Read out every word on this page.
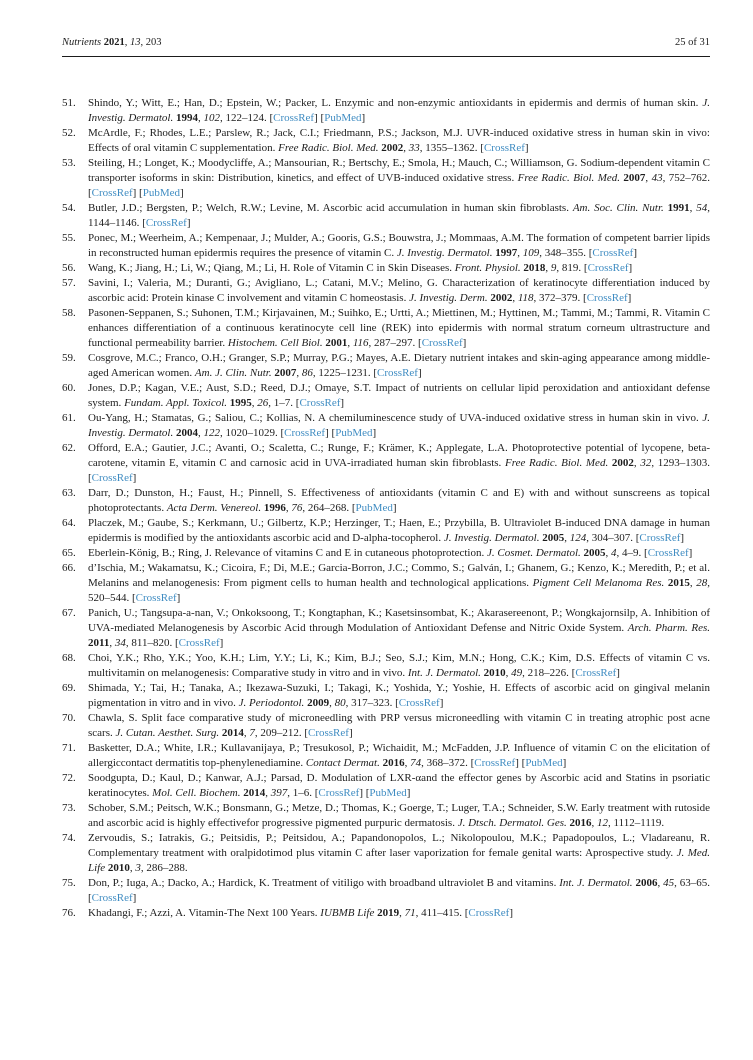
Nutrients 2021, 13, 203	25 of 31
51. Shindo, Y.; Witt, E.; Han, D.; Epstein, W.; Packer, L. Enzymic and non-enzymic antioxidants in epidermis and dermis of human skin. J. Investig. Dermatol. 1994, 102, 122–124. [CrossRef] [PubMed]
52. McArdle, F.; Rhodes, L.E.; Parslew, R.; Jack, C.I.; Friedmann, P.S.; Jackson, M.J. UVR-induced oxidative stress in human skin in vivo: Effects of oral vitamin C supplementation. Free Radic. Biol. Med. 2002, 33, 1355–1362. [CrossRef]
53. Steiling, H.; Longet, K.; Moodycliffe, A.; Mansourian, R.; Bertschy, E.; Smola, H.; Mauch, C.; Williamson, G. Sodium-dependent vitamin C transporter isoforms in skin: Distribution, kinetics, and effect of UVB-induced oxidative stress. Free Radic. Biol. Med. 2007, 43, 752–762. [CrossRef] [PubMed]
54. Butler, J.D.; Bergsten, P.; Welch, R.W.; Levine, M. Ascorbic acid accumulation in human skin fibroblasts. Am. Soc. Clin. Nutr. 1991, 54, 1144–1146. [CrossRef]
55. Ponec, M.; Weerheim, A.; Kempenaar, J.; Mulder, A.; Gooris, G.S.; Bouwstra, J.; Mommaas, A.M. The formation of competent barrier lipids in reconstructed human epidermis requires the presence of vitamin C. J. Investig. Dermatol. 1997, 109, 348–355. [CrossRef]
56. Wang, K.; Jiang, H.; Li, W.; Qiang, M.; Li, H. Role of Vitamin C in Skin Diseases. Front. Physiol. 2018, 9, 819. [CrossRef]
57. Savini, I.; Valeria, M.; Duranti, G.; Avigliano, L.; Catani, M.V.; Melino, G. Characterization of keratinocyte differentiation induced by ascorbic acid: Protein kinase C involvement and vitamin C homeostasis. J. Investig. Derm. 2002, 118, 372–379. [CrossRef]
58. Pasonen-Seppanen, S.; Suhonen, T.M.; Kirjavainen, M.; Suihko, E.; Urtti, A.; Miettinen, M.; Hyttinen, M.; Tammi, M.; Tammi, R. Vitamin C enhances differentiation of a continuous keratinocyte cell line (REK) into epidermis with normal stratum corneum ultrastructure and functional permeability barrier. Histochem. Cell Biol. 2001, 116, 287–297. [CrossRef]
59. Cosgrove, M.C.; Franco, O.H.; Granger, S.P.; Murray, P.G.; Mayes, A.E. Dietary nutrient intakes and skin-aging appearance among middle-aged American women. Am. J. Clin. Nutr. 2007, 86, 1225–1231. [CrossRef]
60. Jones, D.P.; Kagan, V.E.; Aust, S.D.; Reed, D.J.; Omaye, S.T. Impact of nutrients on cellular lipid peroxidation and antioxidant defense system. Fundam. Appl. Toxicol. 1995, 26, 1–7. [CrossRef]
61. Ou-Yang, H.; Stamatas, G.; Saliou, C.; Kollias, N. A chemiluminescence study of UVA-induced oxidative stress in human skin in vivo. J. Investig. Dermatol. 2004, 122, 1020–1029. [CrossRef] [PubMed]
62. Offord, E.A.; Gautier, J.C.; Avanti, O.; Scaletta, C.; Runge, F.; Krämer, K.; Applegate, L.A. Photoprotective potential of lycopene, beta-carotene, vitamin E, vitamin C and carnosic acid in UVA-irradiated human skin fibroblasts. Free Radic. Biol. Med. 2002, 32, 1293–1303. [CrossRef]
63. Darr, D.; Dunston, H.; Faust, H.; Pinnell, S. Effectiveness of antioxidants (vitamin C and E) with and without sunscreens as topical photoprotectants. Acta Derm. Venereol. 1996, 76, 264–268. [PubMed]
64. Placzek, M.; Gaube, S.; Kerkmann, U.; Gilbertz, K.P.; Herzinger, T.; Haen, E.; Przybilla, B. Ultraviolet B-induced DNA damage in human epidermis is modified by the antioxidants ascorbic acid and D-alpha-tocopherol. J. Investig. Dermatol. 2005, 124, 304–307. [CrossRef]
65. Eberlein-König, B.; Ring, J. Relevance of vitamins C and E in cutaneous photoprotection. J. Cosmet. Dermatol. 2005, 4, 4–9. [CrossRef]
66. d’Ischia, M.; Wakamatsu, K.; Cicoira, F.; Di, M.E.; Garcia-Borron, J.C.; Commo, S.; Galván, I.; Ghanem, G.; Kenzo, K.; Meredith, P.; et al. Melanins and melanogenesis: From pigment cells to human health and technological applications. Pigment Cell Melanoma Res. 2015, 28, 520–544. [CrossRef]
67. Panich, U.; Tangsupa-a-nan, V.; Onkoksoong, T.; Kongtaphan, K.; Kasetsinsombat, K.; Akarasereenont, P.; Wongkajornsilp, A. Inhibition of UVA-mediated Melanogenesis by Ascorbic Acid through Modulation of Antioxidant Defense and Nitric Oxide System. Arch. Pharm. Res. 2011, 34, 811–820. [CrossRef]
68. Choi, Y.K.; Rho, Y.K.; Yoo, K.H.; Lim, Y.Y.; Li, K.; Kim, B.J.; Seo, S.J.; Kim, M.N.; Hong, C.K.; Kim, D.S. Effects of vitamin C vs. multivitamin on melanogenesis: Comparative study in vitro and in vivo. Int. J. Dermatol. 2010, 49, 218–226. [CrossRef]
69. Shimada, Y.; Tai, H.; Tanaka, A.; Ikezawa-Suzuki, I.; Takagi, K.; Yoshida, Y.; Yoshie, H. Effects of ascorbic acid on gingival melanin pigmentation in vitro and in vivo. J. Periodontol. 2009, 80, 317–323. [CrossRef]
70. Chawla, S. Split face comparative study of microneedling with PRP versus microneedling with vitamin C in treating atrophic post acne scars. J. Cutan. Aesthet. Surg. 2014, 7, 209–212. [CrossRef]
71. Basketter, D.A.; White, I.R.; Kullavanijaya, P.; Tresukosol, P.; Wichaidit, M.; McFadden, J.P. Influence of vitamin C on the elicitation of allergiccontact dermatitis top-phenylenediamine. Contact Dermat. 2016, 74, 368–372. [CrossRef] [PubMed]
72. Soodgupta, D.; Kaul, D.; Kanwar, A.J.; Parsad, D. Modulation of LXR-αand the effector genes by Ascorbic acid and Statins in psoriatic keratinocytes. Mol. Cell. Biochem. 2014, 397, 1–6. [CrossRef] [PubMed]
73. Schober, S.M.; Peitsch, W.K.; Bonsmann, G.; Metze, D.; Thomas, K.; Goerge, T.; Luger, T.A.; Schneider, S.W. Early treatment with rutoside and ascorbic acid is highly effectivefor progressive pigmented purpuric dermatosis. J. Dtsch. Dermatol. Ges. 2016, 12, 1112–1119.
74. Zervoudis, S.; Iatrakis, G.; Peitsidis, P.; Peitsidou, A.; Papandonopolos, L.; Nikolopoulou, M.K.; Papadopoulos, L.; Vladareanu, R. Complementary treatment with oralpidotimod plus vitamin C after laser vaporization for female genital warts: Aprospective study. J. Med. Life 2010, 3, 286–288.
75. Don, P.; Iuga, A.; Dacko, A.; Hardick, K. Treatment of vitiligo with broadband ultraviolet B and vitamins. Int. J. Dermatol. 2006, 45, 63–65. [CrossRef]
76. Khadangi, F.; Azzi, A. Vitamin-The Next 100 Years. IUBMB Life 2019, 71, 411–415. [CrossRef]
